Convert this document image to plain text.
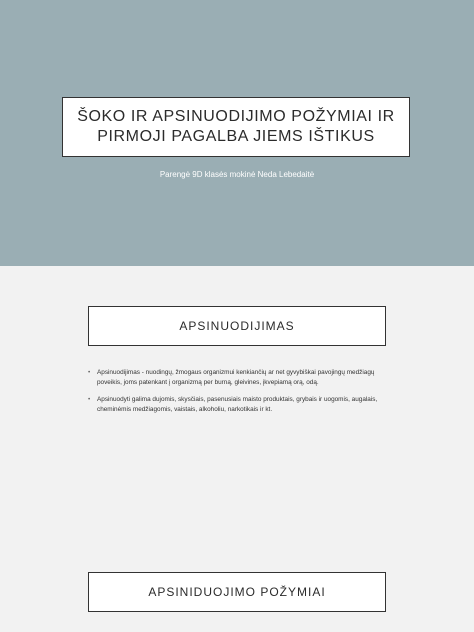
ŠOKO IR APSINUODIJIMO POŽYMIAI IR
PIRMOJI PAGALBA JIEMS IŠTIKUS

Parengė 9D klasės mokinė Neda Lebedaitė
APSINUODIJIMAS
• Apsinuodijimas - nuodingų, žmogaus organizmui kenkiančių ar net gyvybiškai pavojingų medžiagų poveikis, joms patenkant į organizmą per burną, gleivines, įkvepiamą orą, odą.
• Apsinuodyti galima dujomis, skysčiais, pasenusiais maisto produktais, grybais ir uogomis, augalais, cheminėmis medžiagomis, vaistais, alkoholiu, narkotikais ir kt.
APSINIDUOJIMO POŽYMIAI
